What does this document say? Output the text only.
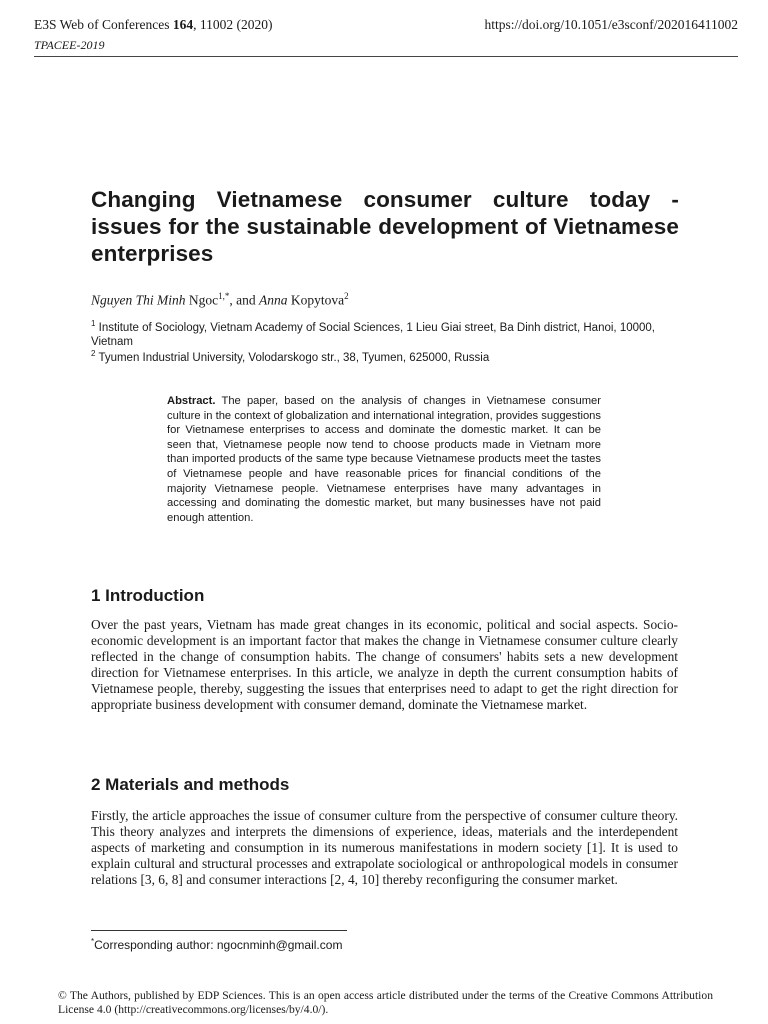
E3S Web of Conferences 164, 11002 (2020)	https://doi.org/10.1051/e3sconf/202016411002
TPACEE-2019
Changing Vietnamese consumer culture today - issues for the sustainable development of Vietnamese enterprises
Nguyen Thi Minh Ngoc$^{1,*}$, and Anna Kopytova$^2$
$^1$ Institute of Sociology, Vietnam Academy of Social Sciences, 1 Lieu Giai street, Ba Dinh district, Hanoi, 10000, Vietnam
$^2$ Tyumen Industrial University, Volodarskogo str., 38, Tyumen, 625000, Russia
Abstract. The paper, based on the analysis of changes in Vietnamese consumer culture in the context of globalization and international integration, provides suggestions for Vietnamese enterprises to access and dominate the domestic market. It can be seen that, Vietnamese people now tend to choose products made in Vietnam more than imported products of the same type because Vietnamese products meet the tastes of Vietnamese people and have reasonable prices for financial conditions of the majority Vietnamese people. Vietnamese enterprises have many advantages in accessing and dominating the domestic market, but many businesses have not paid enough attention.
1 Introduction
Over the past years, Vietnam has made great changes in its economic, political and social aspects. Socio-economic development is an important factor that makes the change in Vietnamese consumer culture clearly reflected in the change of consumption habits. The change of consumers' habits sets a new development direction for Vietnamese enterprises. In this article, we analyze in depth the current consumption habits of Vietnamese people, thereby, suggesting the issues that enterprises need to adapt to get the right direction for appropriate business development with consumer demand, dominate the Vietnamese market.
2 Materials and methods
Firstly, the article approaches the issue of consumer culture from the perspective of consumer culture theory. This theory analyzes and interprets the dimensions of experience, ideas, materials and the interdependent aspects of marketing and consumption in its numerous manifestations in modern society [1]. It is used to explain cultural and structural processes and extrapolate sociological or anthropological models in consumer relations [3, 6, 8] and consumer interactions [2, 4, 10] thereby reconfiguring the consumer market.
*Corresponding author: ngocnminh@gmail.com
© The Authors, published by EDP Sciences. This is an open access article distributed under the terms of the Creative Commons Attribution License 4.0 (http://creativecommons.org/licenses/by/4.0/).
